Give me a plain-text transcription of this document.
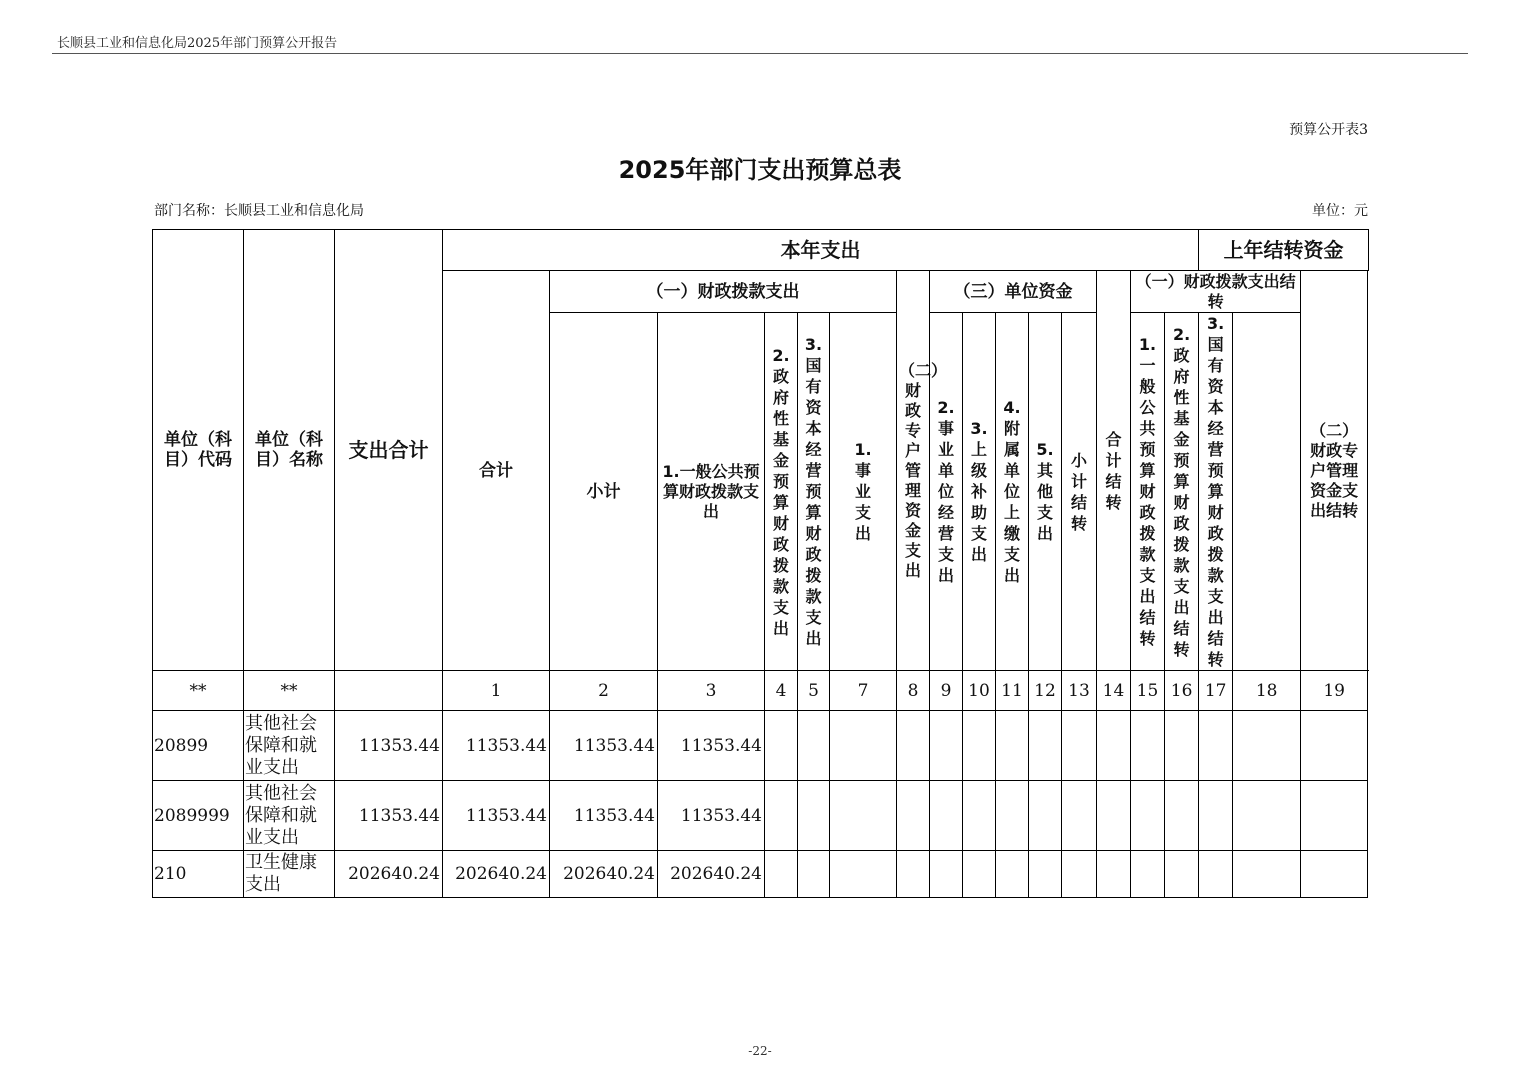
长顺县工业和信息化局2025年部门预算公开报告
预算公开表3
2025年部门支出预算总表
部门名称：长顺县工业和信息化局	单位：元
单位（科目）代码	单位（科目）名称	支出合计	本年支出															上年结转资金			
			合计	（一）财政拨款支出					（二）财政专户管理资金支出	（三）单位资金					合计结转	（一）财政拨款支出结转				（二）财政专户管理资金支出结转	
				小计	1.一般公共预算财政拨款支出	2.政府性基金预算财政拨款支出	3.国有资本经营预算财政拨款支出	1.事业支出		2.事业单位经营支出	3.上级补助支出	4.附属单位上缴支出	5.其他支出	小计结转		1.一般公共预算财政拨款支出结转	2.政府性基金预算财政拨款支出结转	3.国有资本经营预算财政拨款支出结转			
**	**		1	2	3	4	5	7	8	9	10	11	12	13	14	15	16	17	18	19	
20899	其他社会保障和就业支出	11353.44	11353.44	11353.44	11353.44																
2089999	其他社会保障和就业支出	11353.44	11353.44	11353.44	11353.44																
210	卫生健康支出	202640.24	202640.24	202640.24	202640.24																
-22-
